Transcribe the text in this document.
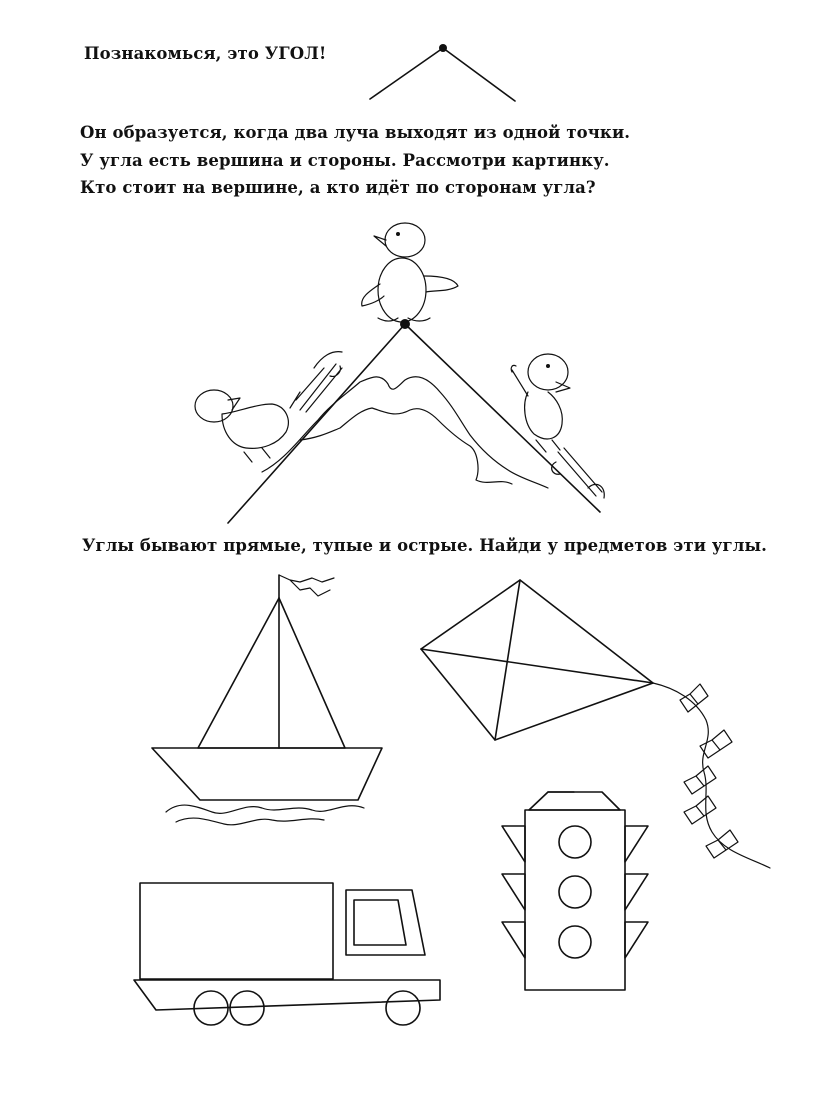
Познакомься, это УГОЛ!
Он образуется, когда два луча выходят из одной точки.
У угла есть вершина и стороны. Рассмотри картинку.
Кто стоит на вершине, а кто идёт по сторонам угла?
Углы бывают прямые, тупые и острые. Найди у предметов эти углы.
